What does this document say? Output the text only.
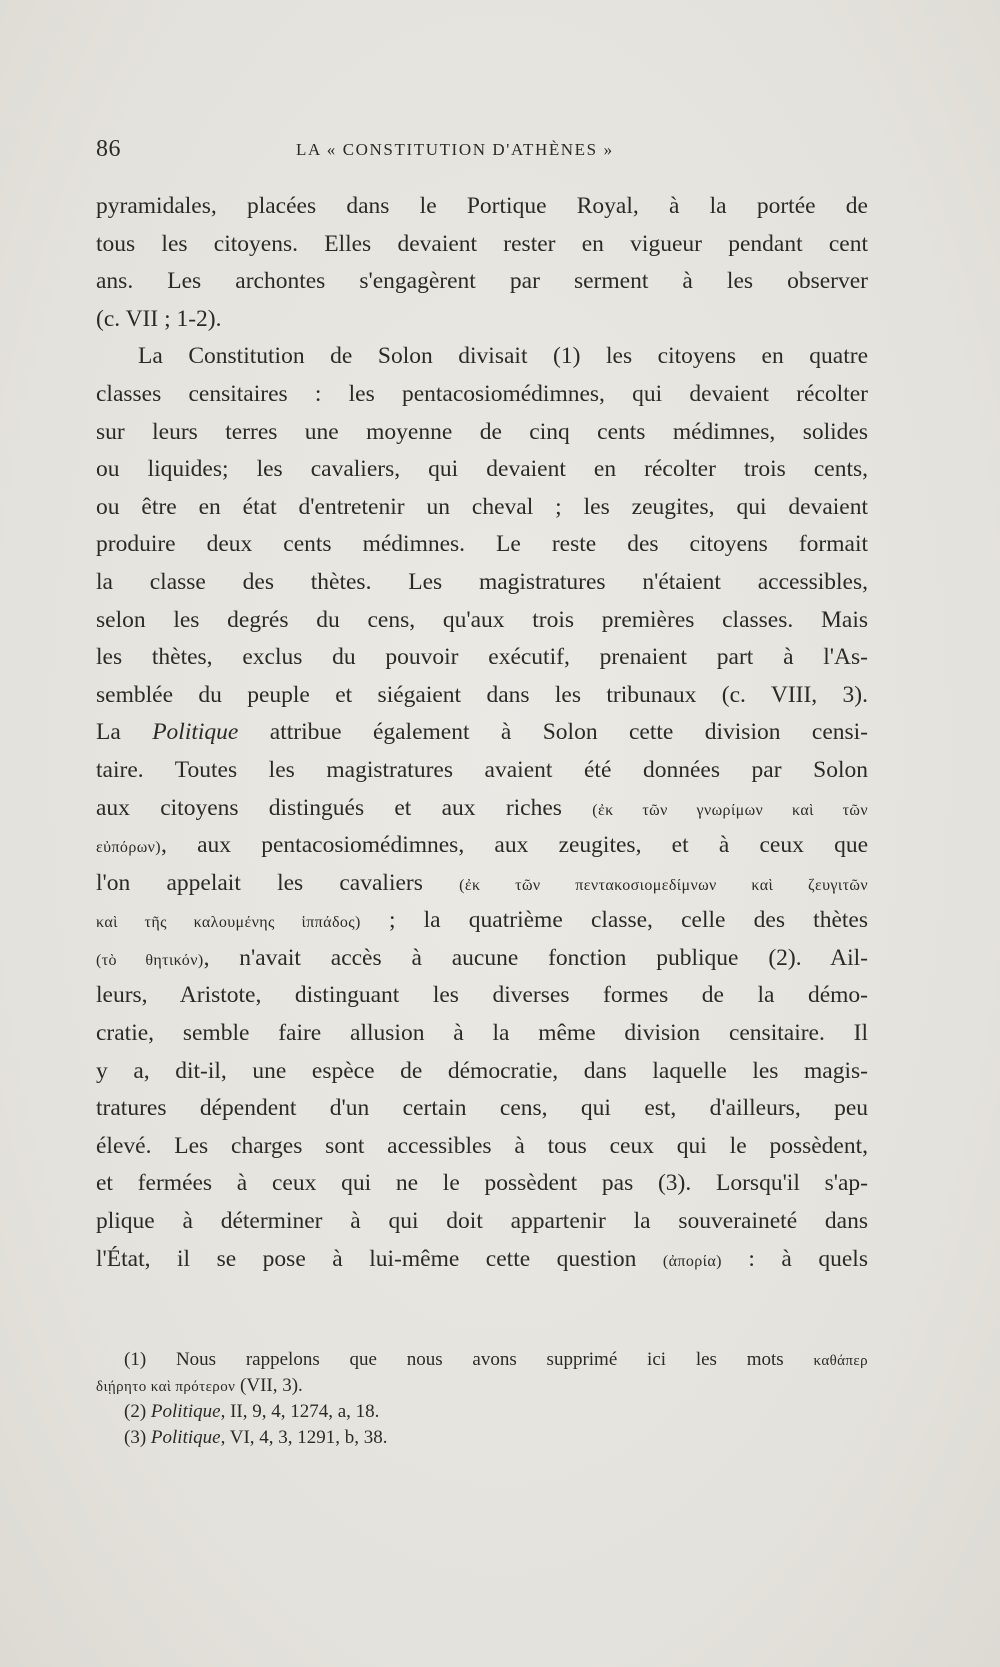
86	LA « CONSTITUTION D'ATHÈNES »
pyramidales, placées dans le Portique Royal, à la portée de
tous les citoyens. Elles devaient rester en vigueur pendant cent
ans. Les archontes s'engagèrent par serment à les observer
(c. VII ; 1-2).
La Constitution de Solon divisait (1) les citoyens en quatre
classes censitaires : les pentacosiomédimnes, qui devaient récolter
sur leurs terres une moyenne de cinq cents médimnes, solides
ou liquides; les cavaliers, qui devaient en récolter trois cents,
ou être en état d'entretenir un cheval ; les zeugites, qui devaient
produire deux cents médimnes. Le reste des citoyens formait
la classe des thètes. Les magistratures n'étaient accessibles,
selon les degrés du cens, qu'aux trois premières classes. Mais
les thètes, exclus du pouvoir exécutif, prenaient part à l'As-
semblée du peuple et siégaient dans les tribunaux (c. VIII, 3).
La Politique attribue également à Solon cette division censi-
taire. Toutes les magistratures avaient été données par Solon
aux citoyens distingués et aux riches (ἐκ τῶν γνωρίμων καὶ τῶν
εὐπόρων), aux pentacosiomédimnes, aux zeugites, et à ceux que
l'on appelait les cavaliers (ἐκ τῶν πεντακοσιομεδίμνων καὶ ζευγιτῶν
καὶ τῆς καλουμένης ἱππάδος) ; la quatrième classe, celle des thètes
(τὸ θητικόν), n'avait accès à aucune fonction publique (2). Ail-
leurs, Aristote, distinguant les diverses formes de la démo-
cratie, semble faire allusion à la même division censitaire. Il
y a, dit-il, une espèce de démocratie, dans laquelle les magis-
tratures dépendent d'un certain cens, qui est, d'ailleurs, peu
élevé. Les charges sont accessibles à tous ceux qui le possèdent,
et fermées à ceux qui ne le possèdent pas (3). Lorsqu'il s'ap-
plique à déterminer à qui doit appartenir la souveraineté dans
l'État, il se pose à lui-même cette question (ἀπορία) : à quels
(1) Nous rappelons que nous avons supprimé ici les mots καθάπερ
διῄρητο καὶ πρότερον (VII, 3).
(2) Politique, II, 9, 4, 1274, a, 18.
(3) Politique, VI, 4, 3, 1291, b, 38.
